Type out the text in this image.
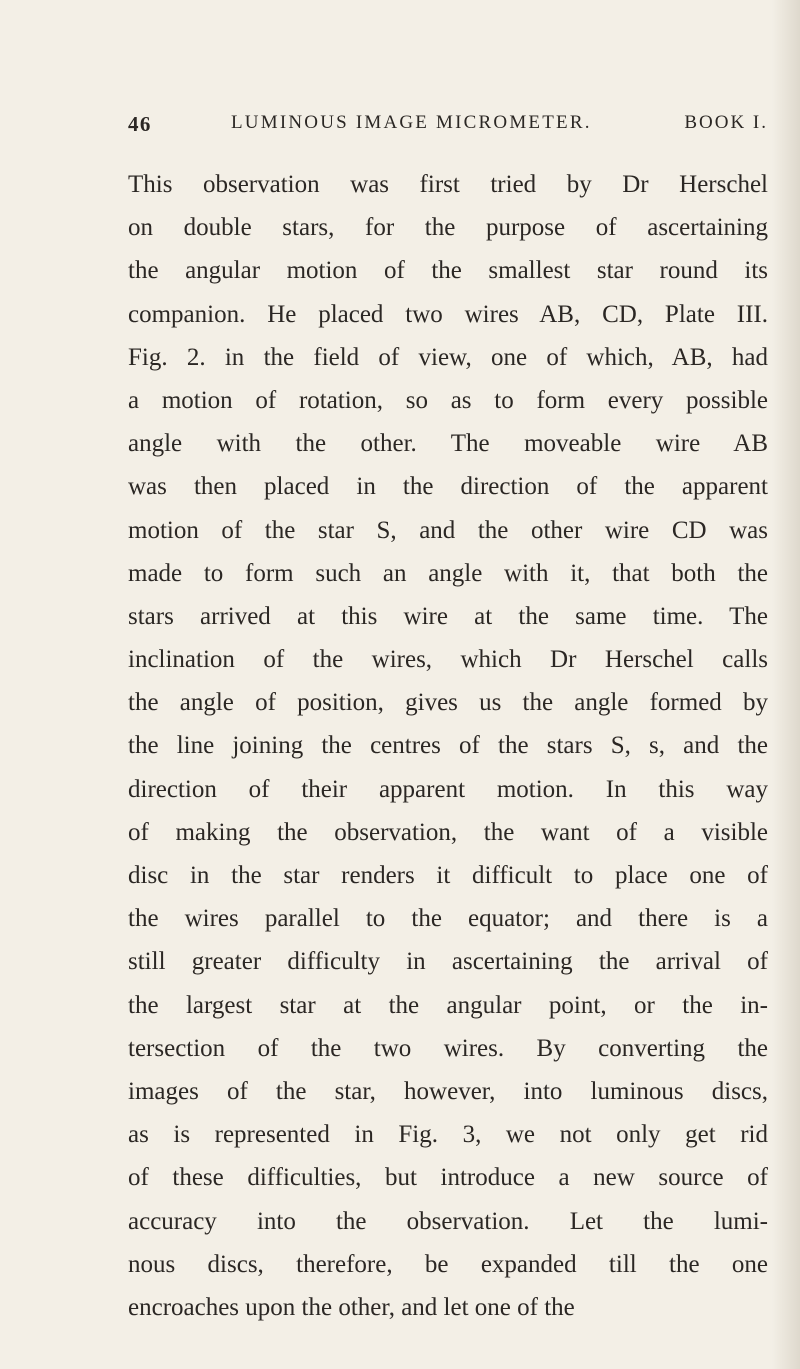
46	LUMINOUS IMAGE MICROMETER.	BOOK I.
This observation was first tried by Dr Herschel
on double stars, for the purpose of ascertaining
the angular motion of the smallest star round its
companion. He placed two wires AB, CD, Plate III.
Fig. 2. in the field of view, one of which, AB, had
a motion of rotation, so as to form every possible
angle with the other. The moveable wire AB
was then placed in the direction of the apparent
motion of the star S, and the other wire CD was
made to form such an angle with it, that both the
stars arrived at this wire at the same time. The
inclination of the wires, which Dr Herschel calls
the angle of position, gives us the angle formed by
the line joining the centres of the stars S, s, and the
direction of their apparent motion. In this way
of making the observation, the want of a visible
disc in the star renders it difficult to place one of
the wires parallel to the equator; and there is a
still greater difficulty in ascertaining the arrival of
the largest star at the angular point, or the in-
tersection of the two wires. By converting the
images of the star, however, into luminous discs,
as is represented in Fig. 3, we not only get rid
of these difficulties, but introduce a new source of
accuracy into the observation. Let the lumi-
nous discs, therefore, be expanded till the one
encroaches upon the other, and let one of the
